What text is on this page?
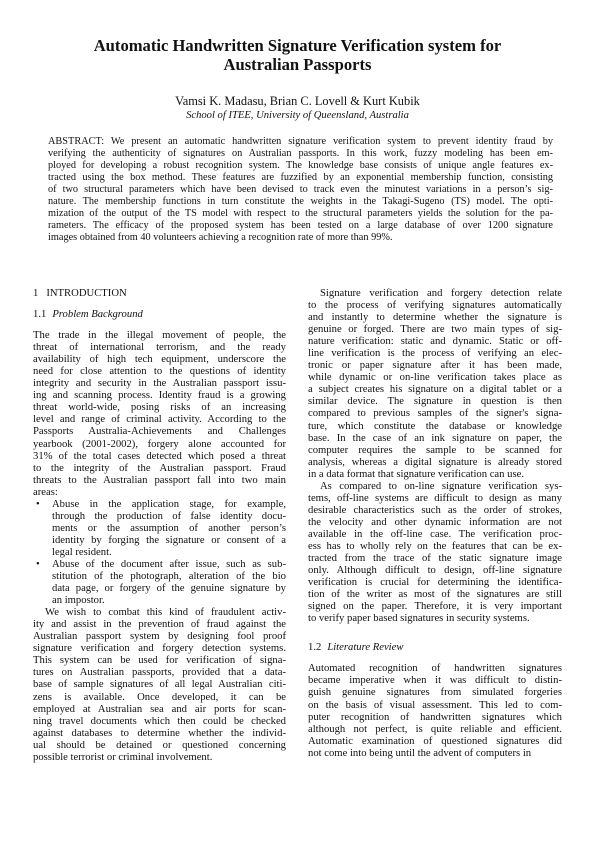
Automatic Handwritten Signature Verification system for
Australian Passports
Vamsi K. Madasu, Brian C. Lovell & Kurt Kubik
School of ITEE, University of Queensland, Australia
ABSTRACT: We present an automatic handwritten signature verification system to prevent identity fraud by
verifying the authenticity of signatures on Australian passports. In this work, fuzzy modeling has been em-
ployed for developing a robust recognition system. The knowledge base consists of unique angle features ex-
tracted using the box method. These features are fuzzified by an exponential membership function, consisting
of two structural parameters which have been devised to track even the minutest variations in a person’s sig-
nature. The membership functions in turn constitute the weights in the Takagi-Sugeno (TS) model. The opti-
mization of the output of the TS model with respect to the structural parameters yields the solution for the pa-
rameters. The efficacy of the proposed system has been tested on a large database of over 1200 signature
images obtained from 40 volunteers achieving a recognition rate of more than 99%.
1 INTRODUCTION
1.1 Problem Background
The trade in the illegal movement of people, the
threat of international terrorism, and the ready
availability of high tech equipment, underscore the
need for close attention to the questions of identity
integrity and security in the Australian passport issu-
ing and scanning process. Identity fraud is a growing
threat world-wide, posing risks of an increasing
level and range of criminal activity. According to the
Passports Australia-Achievements and Challenges
yearbook (2001-2002), forgery alone accounted for
31% of the total cases detected which posed a threat
to the integrity of the Australian passport. Fraud
threats to the Australian passport fall into two main
areas:
• Abuse in the application stage, for example,
through the production of false identity docu-
ments or the assumption of another person’s
identity by forging the signature or consent of a
legal resident.
• Abuse of the document after issue, such as sub-
stitution of the photograph, alteration of the bio
data page, or forgery of the genuine signature by
an impostor.
We wish to combat this kind of fraudulent activ-
ity and assist in the prevention of fraud against the
Australian passport system by designing fool proof
signature verification and forgery detection systems.
This system can be used for verification of signa-
tures on Australian passports, provided that a data-
base of sample signatures of all legal Australian citi-
zens is available. Once developed, it can be
employed at Australian sea and air ports for scan-
ning travel documents which then could be checked
against databases to determine whether the individ-
ual should be detained or questioned concerning
possible terrorist or criminal involvement.
Signature verification and forgery detection relate
to the process of verifying signatures automatically
and instantly to determine whether the signature is
genuine or forged. There are two main types of sig-
nature verification: static and dynamic. Static or off-
line verification is the process of verifying an elec-
tronic or paper signature after it has been made,
while dynamic or on-line verification takes place as
a subject creates his signature on a digital tablet or a
similar device. The signature in question is then
compared to previous samples of the signer's signa-
ture, which constitute the database or knowledge
base. In the case of an ink signature on paper, the
computer requires the sample to be scanned for
analysis, whereas a digital signature is already stored
in a data format that signature verification can use.
As compared to on-line signature verification sys-
tems, off-line systems are difficult to design as many
desirable characteristics such as the order of strokes,
the velocity and other dynamic information are not
available in the off-line case. The verification proc-
ess has to wholly rely on the features that can be ex-
tracted from the trace of the static signature image
only. Although difficult to design, off-line signature
verification is crucial for determining the identifica-
tion of the writer as most of the signatures are still
signed on the paper. Therefore, it is very important
to verify paper based signatures in security systems.
1.2 Literature Review
Automated recognition of handwritten signatures
became imperative when it was difficult to distin-
guish genuine signatures from simulated forgeries
on the basis of visual assessment. This led to com-
puter recognition of handwritten signatures which
although not perfect, is quite reliable and efficient.
Automatic examination of questioned signatures did
not come into being until the advent of computers in
